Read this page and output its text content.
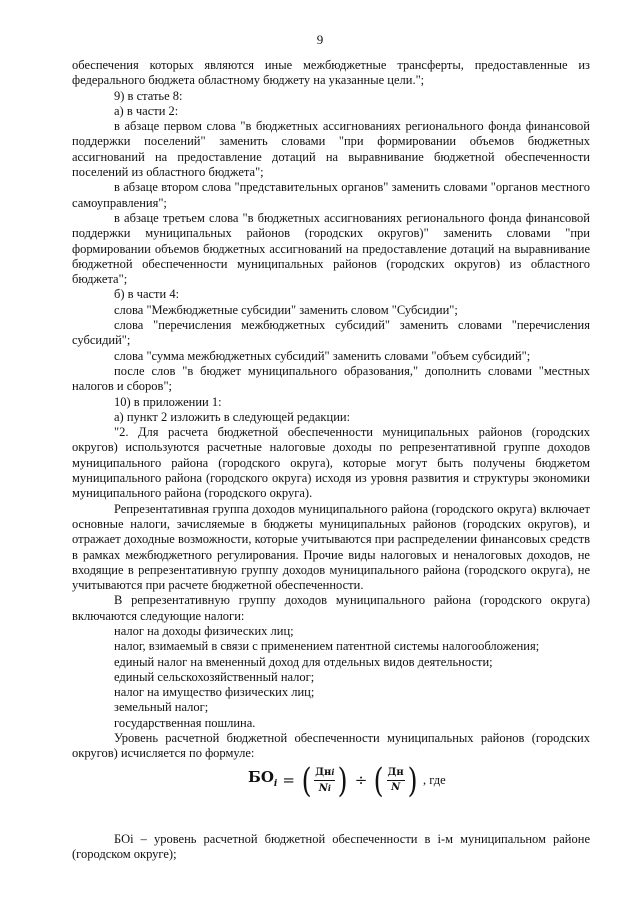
9

обеспечения которых являются иные межбюджетные трансферты, предоставленные из федерального бюджета областному бюджету на указанные цели.";

9) в статье 8:

а) в части 2:

в абзаце первом слова "в бюджетных ассигнованиях регионального фонда финансовой поддержки поселений" заменить словами "при формировании объемов бюджетных ассигнований на предоставление дотаций на выравнивание бюджетной обеспеченности поселений из областного бюджета";

в абзаце втором слова "представительных органов" заменить словами "органов местного самоуправления";

в абзаце третьем слова "в бюджетных ассигнованиях регионального фонда финансовой поддержки муниципальных районов (городских округов)" заменить словами "при формировании объемов бюджетных ассигнований на предоставление дотаций на выравнивание бюджетной обеспеченности муниципальных районов (городских округов) из областного бюджета";

б) в части 4:

слова "Межбюджетные субсидии" заменить словом "Субсидии";

слова "перечисления межбюджетных субсидий" заменить словами "перечисления субсидий";

слова "сумма межбюджетных субсидий" заменить словами "объем субсидий";

после слов "в бюджет муниципального образования," дополнить словами "местных налогов и сборов";

10) в приложении 1:

а) пункт 2 изложить в следующей редакции:

"2. Для расчета бюджетной обеспеченности муниципальных районов (городских округов) используются расчетные налоговые доходы по репрезентативной группе доходов муниципального района (городского округа), которые могут быть получены бюджетом муниципального района (городского округа) исходя из уровня развития и структуры экономики муниципального района (городского округа).

Репрезентативная группа доходов муниципального района (городского округа) включает основные налоги, зачисляемые в бюджеты муниципальных районов (городских округов), и отражает доходные возможности, которые учитываются при распределении финансовых средств в рамках межбюджетного регулирования. Прочие виды налоговых и неналоговых доходов, не входящие в репрезентативную группу доходов муниципального района (городского округа), не учитываются при расчете бюджетной обеспеченности.

В репрезентативную группу доходов муниципального района (городского округа) включаются следующие налоги:

налог на доходы физических лиц;

налог, взимаемый в связи с применением патентной системы налогообложения;

единый налог на вмененный доход для отдельных видов деятельности;

единый сельскохозяйственный налог;

налог на имущество физических лиц;

земельный налог;

государственная пошлина.

Уровень расчетной бюджетной обеспеченности муниципальных районов (городских округов) исчисляется по формуле:

$БО_i$ = ( $\frac{\text{Днi}}{Ni}$ ) ÷ ( $\frac{Дн}{N}$ ) , где

БОi – уровень расчетной бюджетной обеспеченности в i-м муниципальном районе (городском округе);
